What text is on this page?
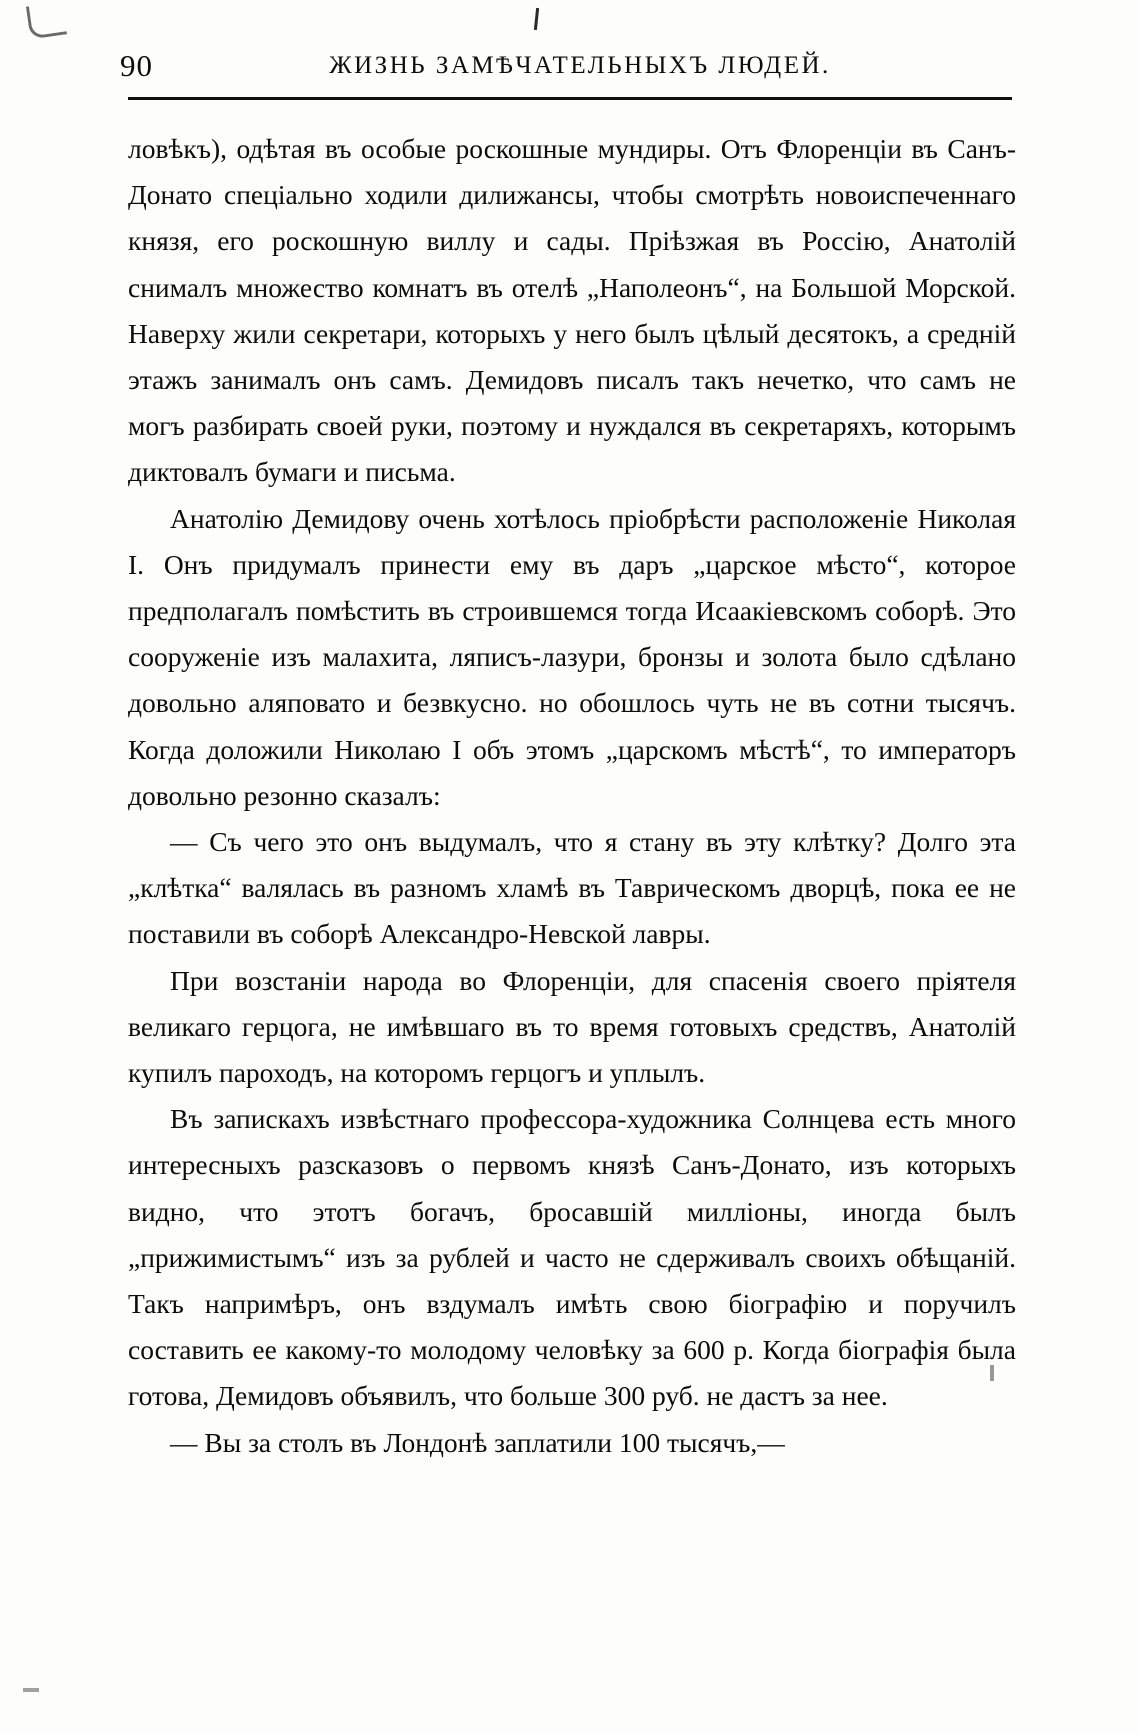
90	ЖИЗНЬ ЗАМѢЧАТЕЛЬНЫХЪ ЛЮДЕЙ.

ловѣкъ), одѣтая въ особые роскошные мундиры. Отъ Флоренціи въ Санъ-Донато спеціально ходили дилижансы, чтобы смотрѣть новоиспеченнаго князя, его роскошную виллу и сады. Пріѣзжая въ Россію, Анатолій снималъ множество комнатъ въ отелѣ „Наполеонъ“, на Большой Морской. Наверху жили секретари, которыхъ у него былъ цѣлый десятокъ, а средній этажъ занималъ онъ самъ. Демидовъ писалъ такъ нечетко, что самъ не могъ разбирать своей руки, поэтому и нуждался въ секретаряхъ, которымъ диктовалъ бумаги и письма.

Анатолію Демидову очень хотѣлось пріобрѣсти расположеніе Николая I. Онъ придумалъ принести ему въ даръ „царское мѣсто“, которое предполагалъ помѣстить въ строившемся тогда Исаакіевскомъ соборѣ. Это сооруженіе изъ малахита, ляписъ-лазури, бронзы и золота было сдѣлано довольно аляповато и безвкусно. но обошлось чуть не въ сотни тысячъ. Когда доложили Николаю I объ этомъ „царскомъ мѣстѣ“, то императоръ довольно резонно сказалъ:

— Съ чего это онъ выдумалъ, что я стану въ эту клѣтку? Долго эта „клѣтка“ валялась въ разномъ хламѣ въ Таврическомъ дворцѣ, пока ее не поставили въ соборѣ Александро-Невской лавры.

При возстаніи народа во Флоренціи, для спасенія своего пріятеля великаго герцога, не имѣвшаго въ то время готовыхъ средствъ, Анатолій купилъ пароходъ, на которомъ герцогъ и уплылъ.

Въ запискахъ извѣстнаго профессора-художника Солнцева есть много интересныхъ разсказовъ о первомъ князѣ Санъ-Донато, изъ которыхъ видно, что этотъ богачъ, бросавшій милліоны, иногда былъ „прижимистымъ“ изъ за рублей и часто не сдерживалъ своихъ обѣщаній. Такъ напримѣръ, онъ вздумалъ имѣть свою біографію и поручилъ составить ее какому-то молодому человѣку за 600 р. Когда біографія была готова, Демидовъ объявилъ, что больше 300 руб. не дастъ за нее.

— Вы за столъ въ Лондонѣ заплатили 100 тысячъ,—
